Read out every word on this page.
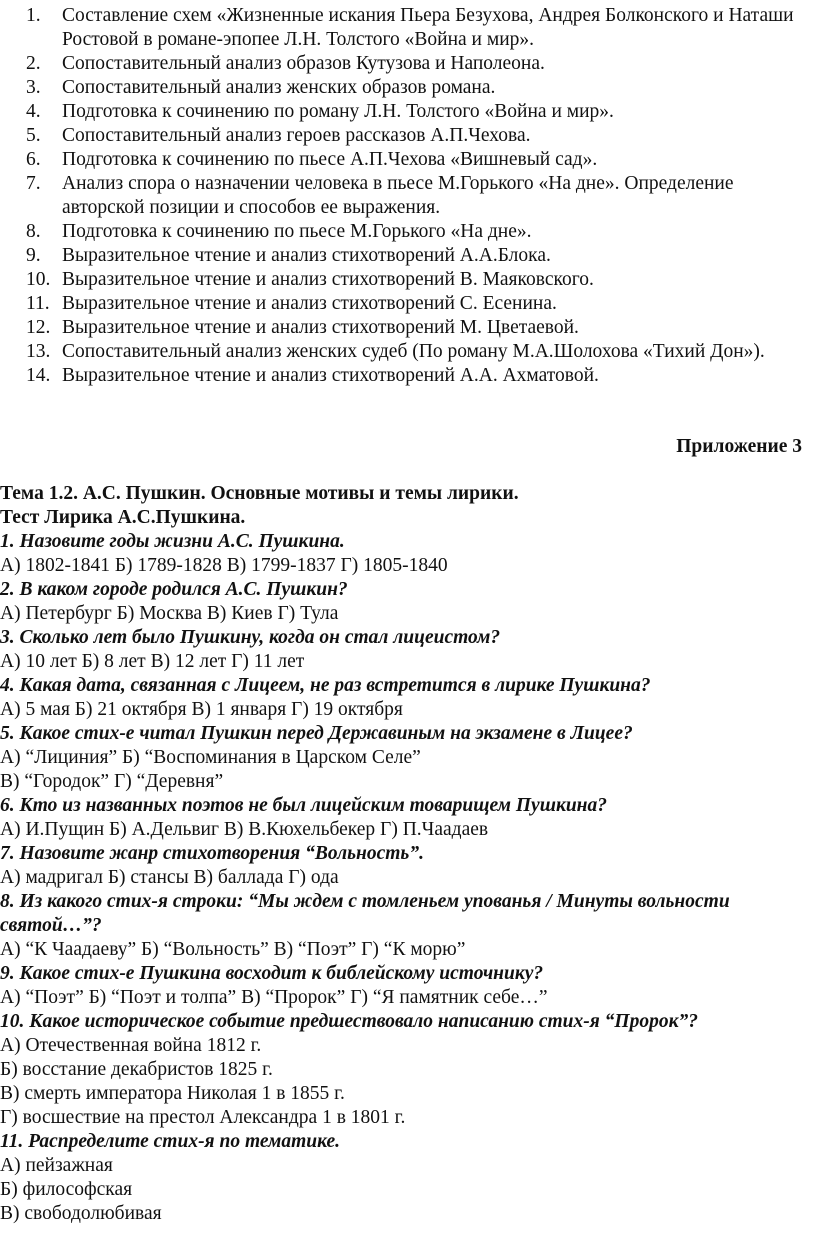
1. Составление схем «Жизненные искания Пьера Безухова, Андрея Болконского и Наташи Ростовой в романе-эпопее Л.Н. Толстого «Война и мир».
2. Сопоставительный анализ образов Кутузова и Наполеона.
3. Сопоставительный анализ женских образов романа.
4. Подготовка к сочинению по роману Л.Н. Толстого «Война и мир».
5. Сопоставительный анализ героев рассказов А.П.Чехова.
6. Подготовка к сочинению по пьесе А.П.Чехова «Вишневый сад».
7. Анализ спора о назначении человека в пьесе М.Горького «На дне». Определение авторской позиции и способов ее выражения.
8. Подготовка к сочинению по пьесе М.Горького «На дне».
9. Выразительное чтение и анализ стихотворений А.А.Блока.
10. Выразительное чтение и анализ стихотворений В. Маяковского.
11. Выразительное чтение и анализ стихотворений С. Есенина.
12. Выразительное чтение и анализ стихотворений М. Цветаевой.
13. Сопоставительный анализ женских судеб (По роману М.А.Шолохова «Тихий Дон»).
14. Выразительное чтение и анализ стихотворений А.А. Ахматовой.
Приложение 3
Тема 1.2. А.С. Пушкин. Основные мотивы и темы лирики.
Тест Лирика А.С.Пушкина.
1. Назовите годы жизни А.С. Пушкина.
А) 1802-1841 Б) 1789-1828 В) 1799-1837 Г) 1805-1840
2. В каком городе родился А.С. Пушкин?
А) Петербург Б) Москва В) Киев Г) Тула
3. Сколько лет было Пушкину, когда он стал лицеистом?
А) 10 лет Б) 8 лет В) 12 лет Г) 11 лет
4. Какая дата, связанная с Лицеем, не раз встретится в лирике Пушкина?
А) 5 мая Б) 21 октября В) 1 января Г) 19 октября
5. Какое стих-е читал Пушкин перед Державиным на экзамене в Лицее?
А) “Лициния” Б) “Воспоминания в Царском Селе”
В) “Городок” Г) “Деревня”
6. Кто из названных поэтов не был лицейским товарищем Пушкина?
А) И.Пущин Б) А.Дельвиг В) В.Кюхельбекер Г) П.Чаадаев
7. Назовите жанр стихотворения “Вольность”.
А) мадригал Б) стансы В) баллада Г) ода
8. Из какого стих-я строки: “Мы ждем с томленьем упованья / Минуты вольности святой…”?
А) “К Чаадаеву” Б) “Вольность” В) “Поэт” Г) “К морю”
9. Какое стих-е Пушкина восходит к библейскому источнику?
А) “Поэт” Б) “Поэт и толпа” В) “Пророк” Г) “Я памятник себе…”
10. Какое историческое событие предшествовало написанию стих-я “Пророк”?
А) Отечественная война 1812 г.
Б) восстание декабристов 1825 г.
В) смерть императора Николая 1 в 1855 г.
Г) восшествие на престол Александра 1 в 1801 г.
11. Распределите стих-я по тематике.
А) пейзажная
Б) философская
В) свободолюбивая
